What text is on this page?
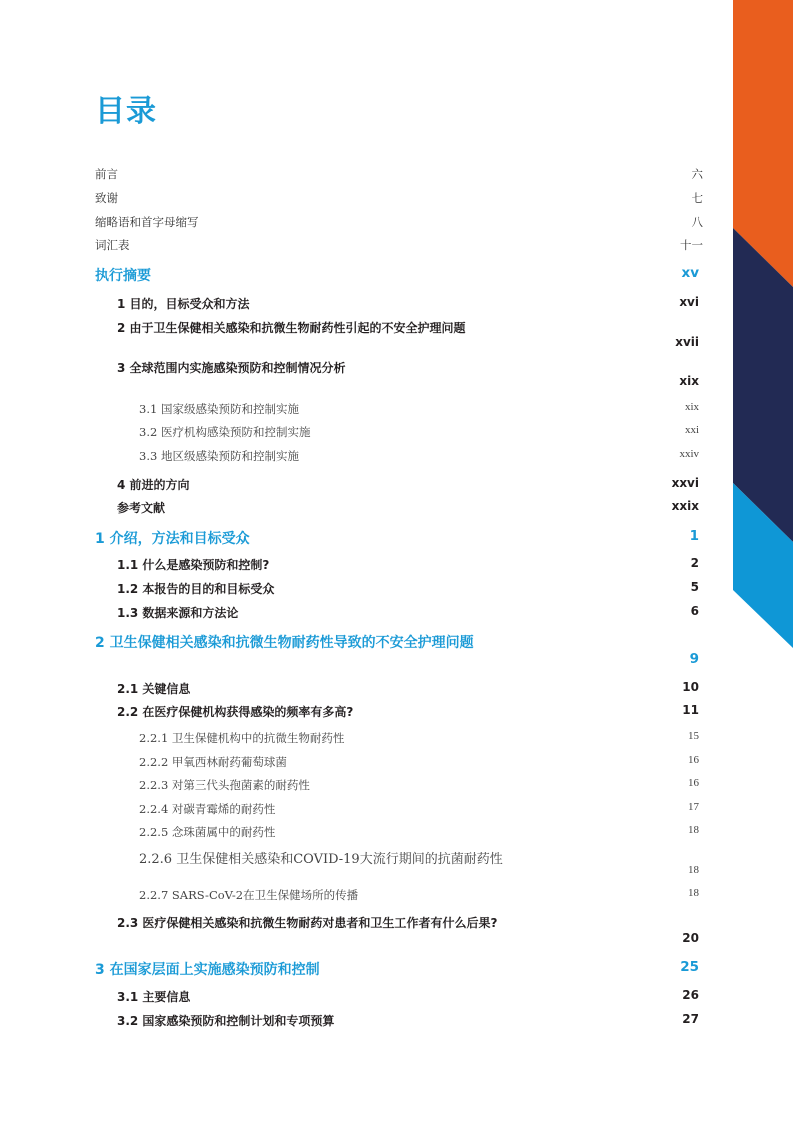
目录
前言	六
致谢	七
缩略语和首字母缩写	八
词汇表	十一
执行摘要	xv
1 目的，目标受众和方法	xvi
2 由于卫生保健相关感染和抗微生物耐药性引起的不安全护理问题
xvii
3 全球范围内实施感染预防和控制情况分析
xix
3.1 国家级感染预防和控制实施	xix
3.2 医疗机构感染预防和控制实施	xxi
3.3 地区级感染预防和控制实施	xxiv
4 前进的方向	xxvi
参考文献	xxix
1 介绍，方法和目标受众	1
1.1 什么是感染预防和控制?	2
1.2 本报告的目的和目标受众	5
1.3 数据来源和方法论	6
2 卫生保健相关感染和抗微生物耐药性导致的不安全护理问题
9
2.1 关键信息	10
2.2 在医疗保健机构获得感染的频率有多高?	11
2.2.1 卫生保健机构中的抗微生物耐药性	15
2.2.2 甲氧西林耐药葡萄球菌	16
2.2.3 对第三代头孢菌素的耐药性	16
2.2.4 对碳青霉烯的耐药性	17
2.2.5 念珠菌属中的耐药性	18
2.2.6 卫生保健相关感染和COVID-19大流行期间的抗菌耐药性
18
2.2.7 SARS-CoV-2在卫生保健场所的传播	18
2.3 医疗保健相关感染和抗微生物耐药对患者和卫生工作者有什么后果?
20
3 在国家层面上实施感染预防和控制	25
3.1 主要信息	26
3.2 国家感染预防和控制计划和专项预算	27
